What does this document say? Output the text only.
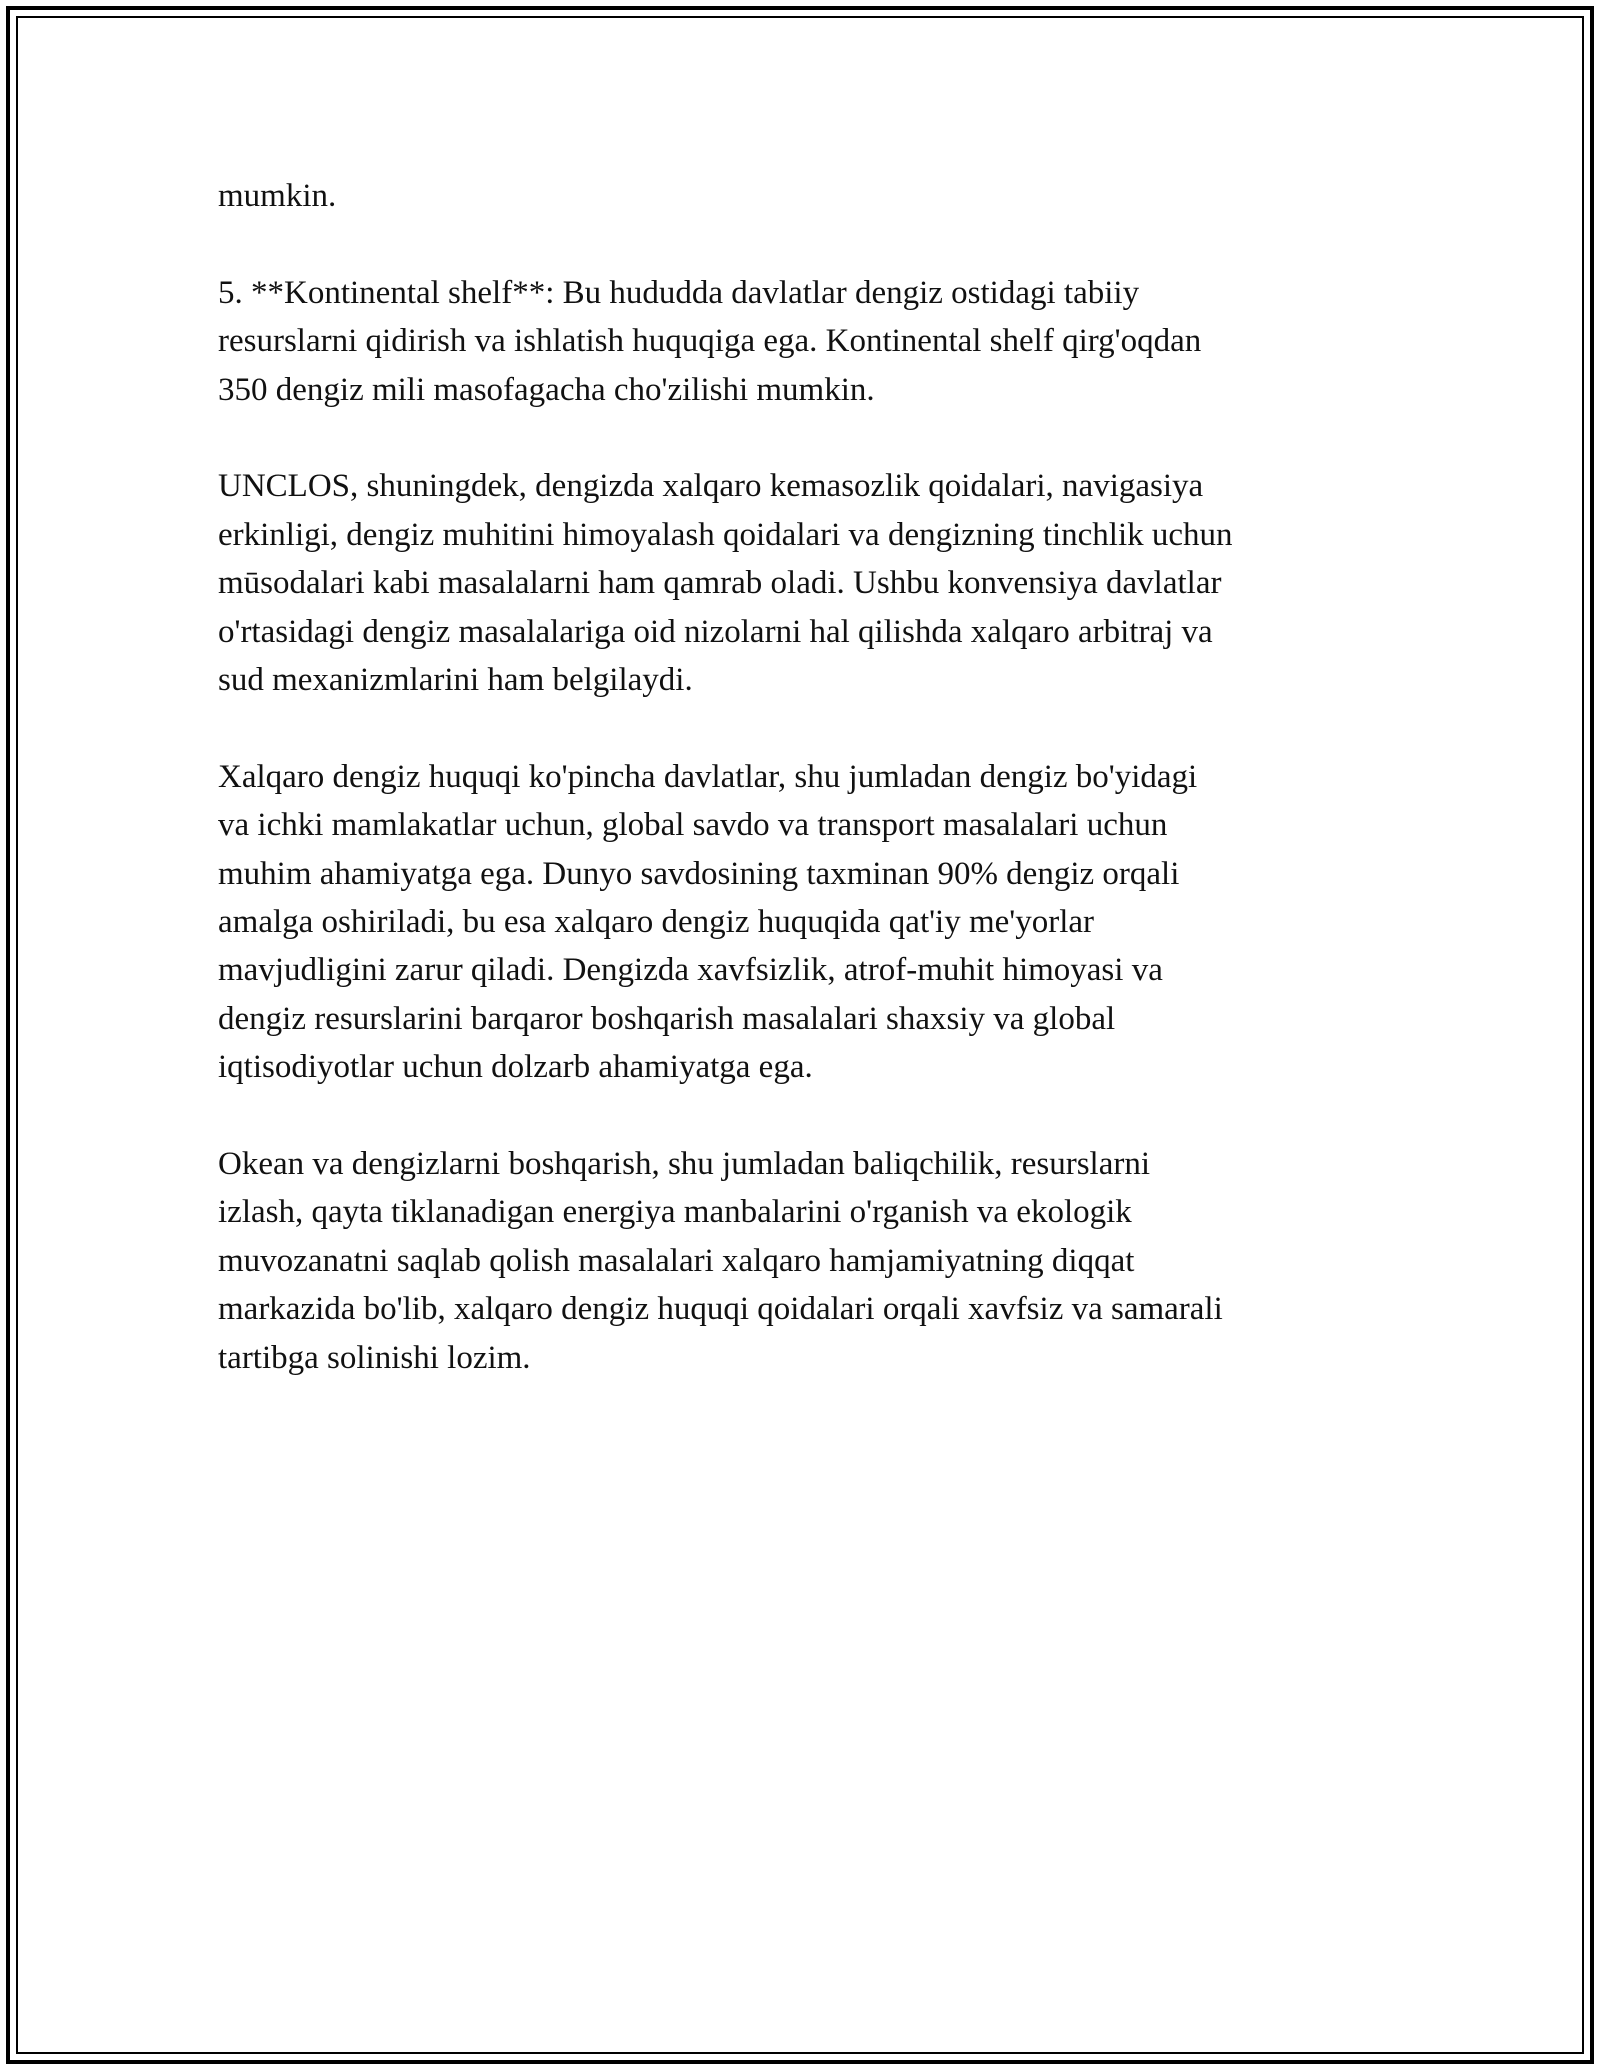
mumkin.

5. **Kontinental shelf**: Bu hududda davlatlar dengiz ostidagi tabiiy
resurslarni qidirish va ishlatish huquqiga ega. Kontinental shelf qirg'oqdan
350 dengiz mili masofagacha cho'zilishi mumkin.

UNCLOS, shuningdek, dengizda xalqaro kemasozlik qoidalari, navigasiya
erkinligi, dengiz muhitini himoyalash qoidalari va dengizning tinchlik uchun
mūsodalari kabi masalalarni ham qamrab oladi. Ushbu konvensiya davlatlar
o'rtasidagi dengiz masalalariga oid nizolarni hal qilishda xalqaro arbitraj va
sud mexanizmlarini ham belgilaydi.

Xalqaro dengiz huquqi ko'pincha davlatlar, shu jumladan dengiz bo'yidagi
va ichki mamlakatlar uchun, global savdo va transport masalalari uchun
muhim ahamiyatga ega. Dunyo savdosining taxminan 90% dengiz orqali
amalga oshiriladi, bu esa xalqaro dengiz huquqida qat'iy me'yorlar
mavjudligini zarur qiladi. Dengizda xavfsizlik, atrof-muhit himoyasi va
dengiz resurslarini barqaror boshqarish masalalari shaxsiy va global
iqtisodiyotlar uchun dolzarb ahamiyatga ega.

Okean va dengizlarni boshqarish, shu jumladan baliqchilik, resurslarni
izlash, qayta tiklanadigan energiya manbalarini o'rganish va ekologik
muvozanatni saqlab qolish masalalari xalqaro hamjamiyatning diqqat
markazida bo'lib, xalqaro dengiz huquqi qoidalari orqali xavfsiz va samarali
tartibga solinishi lozim.
